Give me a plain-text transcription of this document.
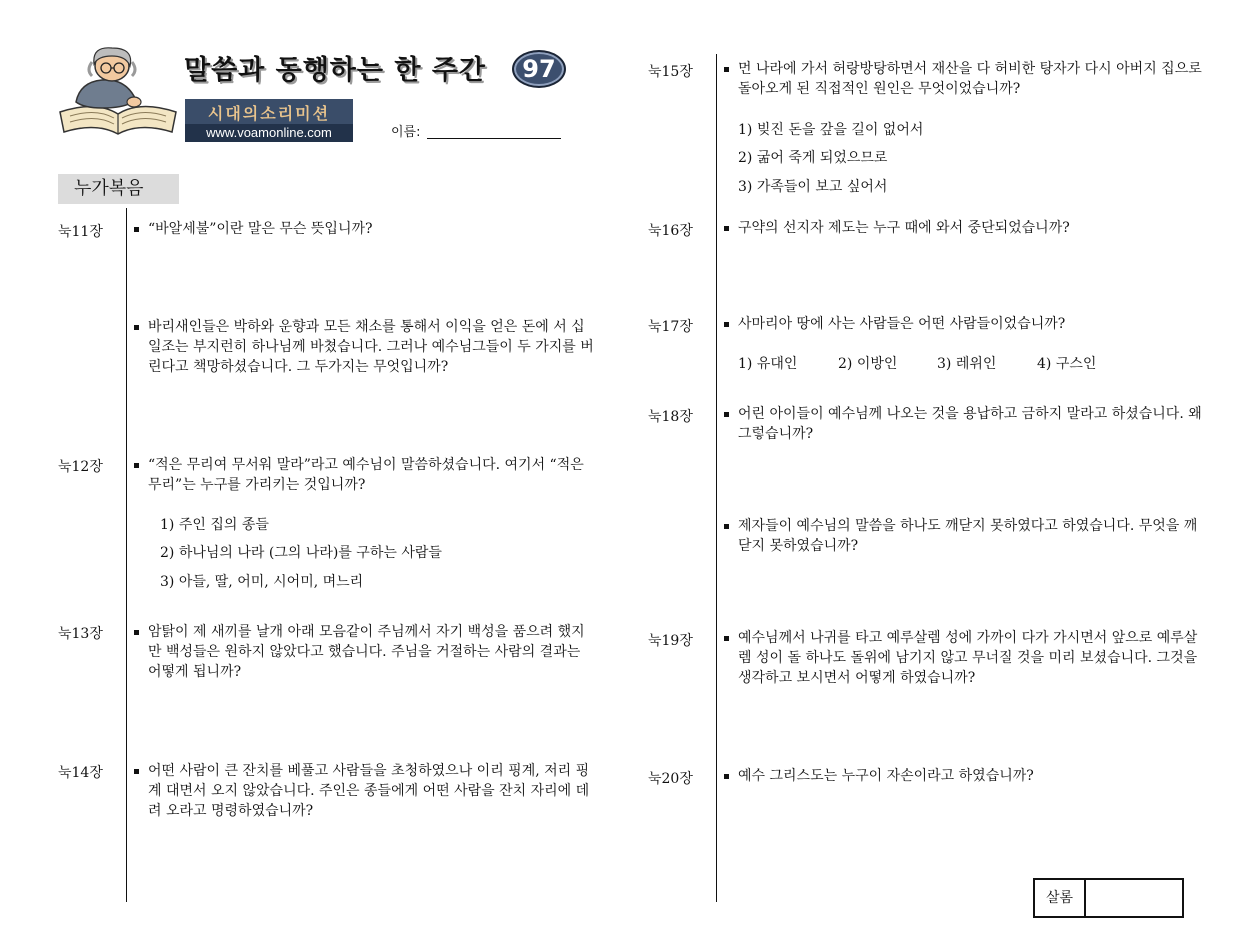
말씀과 동행하는 한 주간	97
시대의소리미션
www.voamonline.com	이름:
누가복음
눅11장	“바알세불”이란 말은 무슨 뜻입니까?
바리새인들은 박하와 운향과 모든 채소를 통해서 이익을 얻은 돈에 서 십일조는 부지런히 하나님께 바쳤습니다. 그러나 예수님그들이 두 가지를 버린다고 책망하셨습니다. 그 두가지는 무엇입니까?
눅12장	“적은 무리여 무서워 말라”라고 예수님이 말씀하셨습니다. 여기서 “적은 무리”는 누구를 가리키는 것입니까?
1) 주인 집의 종들
2) 하나님의 나라 (그의 나라)를 구하는 사람들
3) 아들, 딸, 어미, 시어미, 며느리
눅13장	암탉이 제 새끼를 날개 아래 모음같이 주님께서 자기 백성을 품으려 했지만 백성들은 원하지 않았다고 했습니다. 주님을 거절하는 사람의 결과는 어떻게 됩니까?
눅14장	어떤 사람이 큰 잔치를 베풀고 사람들을 초청하였으나 이리 핑계, 저리 핑계 대면서 오지 않았습니다. 주인은 종들에게 어떤 사람을 잔치 자리에 데려 오라고 명령하였습니까?
눅15장	먼 나라에 가서 허랑방탕하면서 재산을 다 허비한 탕자가 다시 아버지 집으로 돌아오게 된 직접적인 원인은 무엇이었습니까?
1) 빚진 돈을 갚을 길이 없어서
2) 굶어 죽게 되었으므로
3) 가족들이 보고 싶어서
눅16장	구약의 선지자 제도는 누구 때에 와서 중단되었습니까?
눅17장	사마리아 땅에 사는 사람들은 어떤 사람들이었습니까?
1) 유대인	2) 이방인	3) 레위인	4) 구스인
눅18장	어린 아이들이 예수님께 나오는 것을 용납하고 금하지 말라고 하셨습니다. 왜 그렇습니까?
제자들이 예수님의 말씀을 하나도 깨닫지 못하였다고 하였습니다. 무엇을 깨닫지 못하였습니까?
눅19장	예수님께서 나귀를 타고 예루살렘 성에 가까이 다가 가시면서 앞으로 예루살렘 성이 돌 하나도 돌위에 남기지 않고 무너질 것을 미리 보셨습니다. 그것을 생각하고 보시면서 어떻게 하였습니까?
눅20장	예수 그리스도는 누구이 자손이라고 하였습니까?
살롬
